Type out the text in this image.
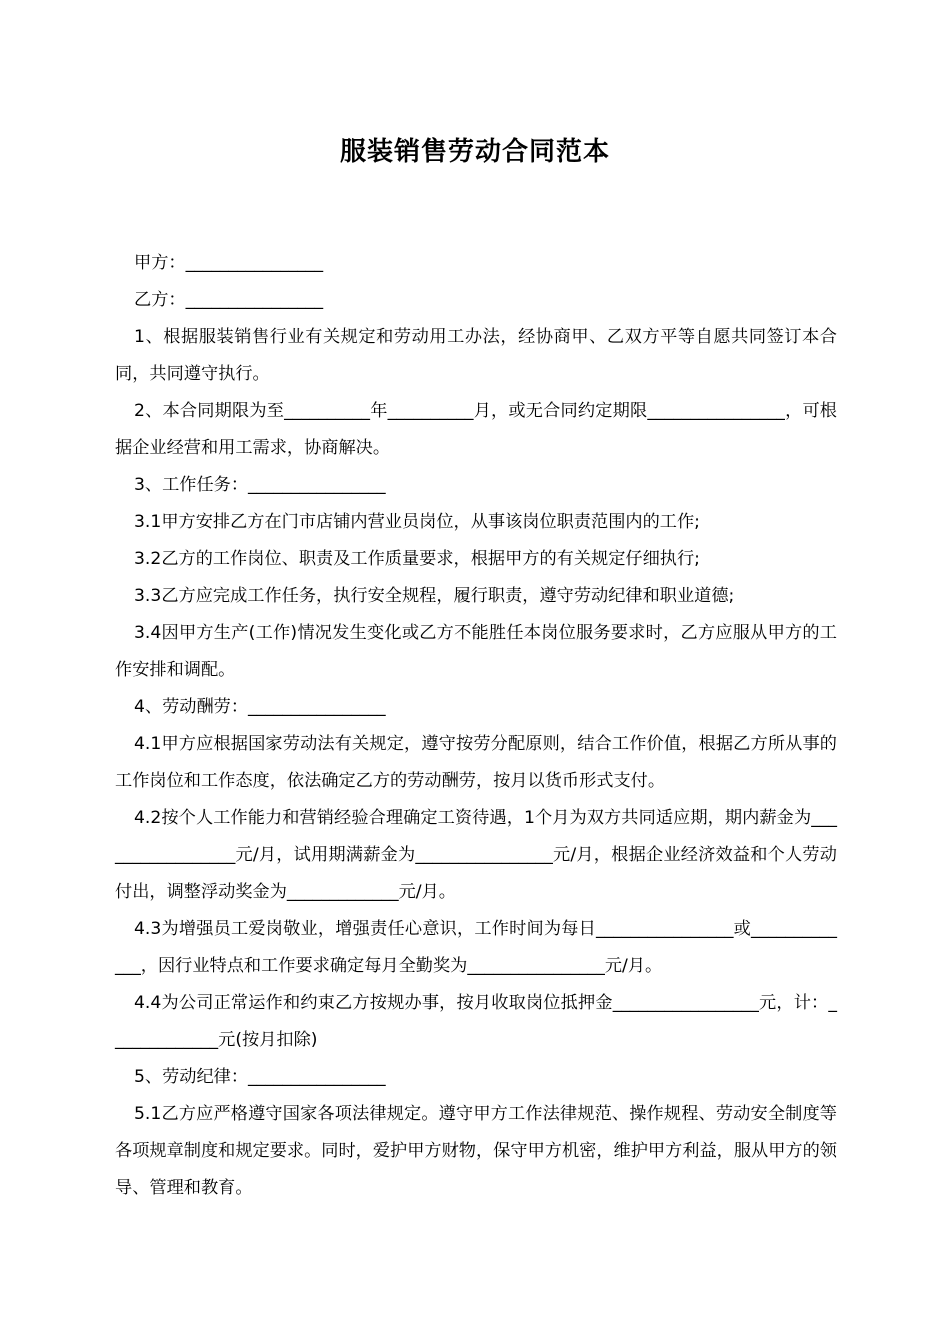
服装销售劳动合同范本

甲方：________________

乙方：________________

1、根据服装销售行业有关规定和劳动用工办法，经协商甲、乙双方平等自愿共同签订本合同，共同遵守执行。

2、本合同期限为至__________年__________月，或无合同约定期限________________，可根据企业经营和用工需求，协商解决。

3、工作任务：________________

3.1甲方安排乙方在门市店铺内营业员岗位，从事该岗位职责范围内的工作;

3.2乙方的工作岗位、职责及工作质量要求，根据甲方的有关规定仔细执行;

3.3乙方应完成工作任务，执行安全规程，履行职责，遵守劳动纪律和职业道德;

3.4因甲方生产(工作)情况发生变化或乙方不能胜任本岗位服务要求时，乙方应服从甲方的工作安排和调配。

4、劳动酬劳：________________

4.1甲方应根据国家劳动法有关规定，遵守按劳分配原则，结合工作价值，根据乙方所从事的工作岗位和工作态度，依法确定乙方的劳动酬劳，按月以货币形式支付。

4.2按个人工作能力和营销经验合理确定工资待遇，1个月为双方共同适应期，期内薪金为_________________元/月，试用期满薪金为________________元/月，根据企业经济效益和个人劳动付出，调整浮动奖金为_____________元/月。

4.3为增强员工爱岗敬业，增强责任心意识，工作时间为每日________________或_____________，因行业特点和工作要求确定每月全勤奖为________________元/月。

4.4为公司正常运作和约束乙方按规办事，按月收取岗位抵押金_________________元，计：_____________元(按月扣除)

5、劳动纪律：________________

5.1乙方应严格遵守国家各项法律规定。遵守甲方工作法律规范、操作规程、劳动安全制度等各项规章制度和规定要求。同时，爱护甲方财物，保守甲方机密，维护甲方利益，服从甲方的领导、管理和教育。
